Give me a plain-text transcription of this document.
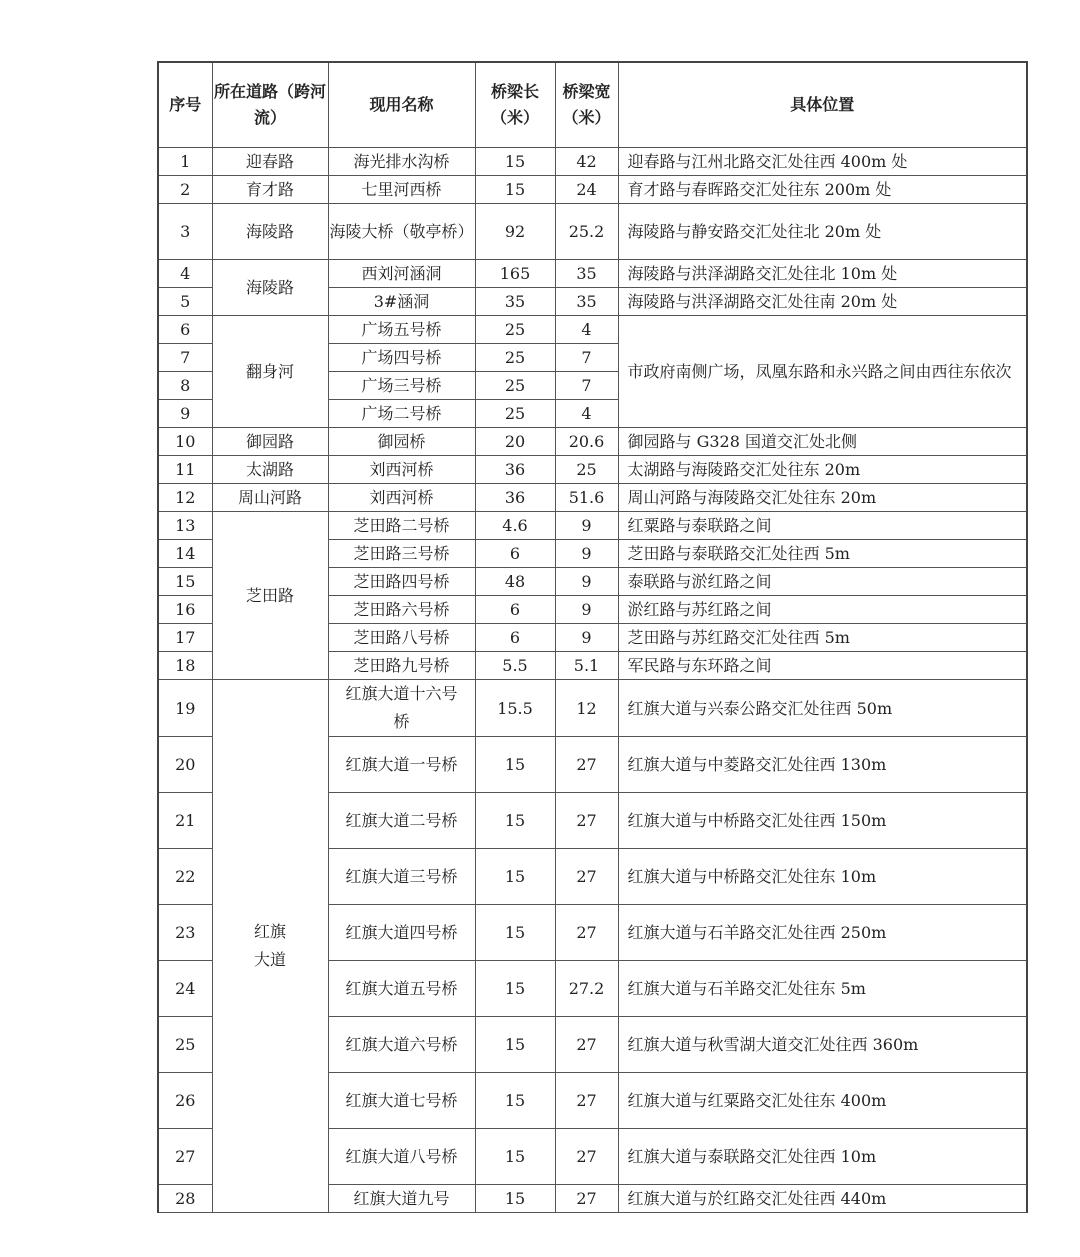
序号	所在道路（跨河流）	现用名称	桥梁长（米）	桥梁宽（米）	具体位置
1	迎春路	海光排水沟桥	15	42	迎春路与江州北路交汇处往西 400m 处
2	育才路	七里河西桥	15	24	育才路与春晖路交汇处往东 200m 处
3	海陵路	海陵大桥（敬亭桥）	92	25.2	海陵路与静安路交汇处往北 20m 处
4	海陵路	西刘河涵洞	165	35	海陵路与洪泽湖路交汇处往北 10m 处
5		3#涵洞	35	35	海陵路与洪泽湖路交汇处往南 20m 处
6	翻身河	广场五号桥	25	4	市政府南侧广场，凤凰东路和永兴路之间由西往东依次
7		广场四号桥	25	7	
8		广场三号桥	25	7	
9		广场二号桥	25	4	
10	御园路	御园桥	20	20.6	御园路与 G328 国道交汇处北侧
11	太湖路	刘西河桥	36	25	太湖路与海陵路交汇处往东 20m
12	周山河路	刘西河桥	36	51.6	周山河路与海陵路交汇处往东 20m
13	芝田路	芝田路二号桥	4.6	9	红粟路与泰联路之间
14		芝田路三号桥	6	9	芝田路与泰联路交汇处往西 5m
15		芝田路四号桥	48	9	泰联路与淤红路之间
16		芝田路六号桥	6	9	淤红路与苏红路之间
17		芝田路八号桥	6	9	芝田路与苏红路交汇处往西 5m
18		芝田路九号桥	5.5	5.1	军民路与东环路之间
19	红旗大道	红旗大道十六号桥	15.5	12	红旗大道与兴泰公路交汇处往西 50m
20		红旗大道一号桥	15	27	红旗大道与中菱路交汇处往西 130m
21		红旗大道二号桥	15	27	红旗大道与中桥路交汇处往西 150m
22		红旗大道三号桥	15	27	红旗大道与中桥路交汇处往东 10m
23		红旗大道四号桥	15	27	红旗大道与石羊路交汇处往西 250m
24		红旗大道五号桥	15	27.2	红旗大道与石羊路交汇处往东 5m
25		红旗大道六号桥	15	27	红旗大道与秋雪湖大道交汇处往西 360m
26		红旗大道七号桥	15	27	红旗大道与红粟路交汇处往东 400m
27		红旗大道八号桥	15	27	红旗大道与泰联路交汇处往西 10m
28		红旗大道九号	15	27	红旗大道与於红路交汇处往西 440m
